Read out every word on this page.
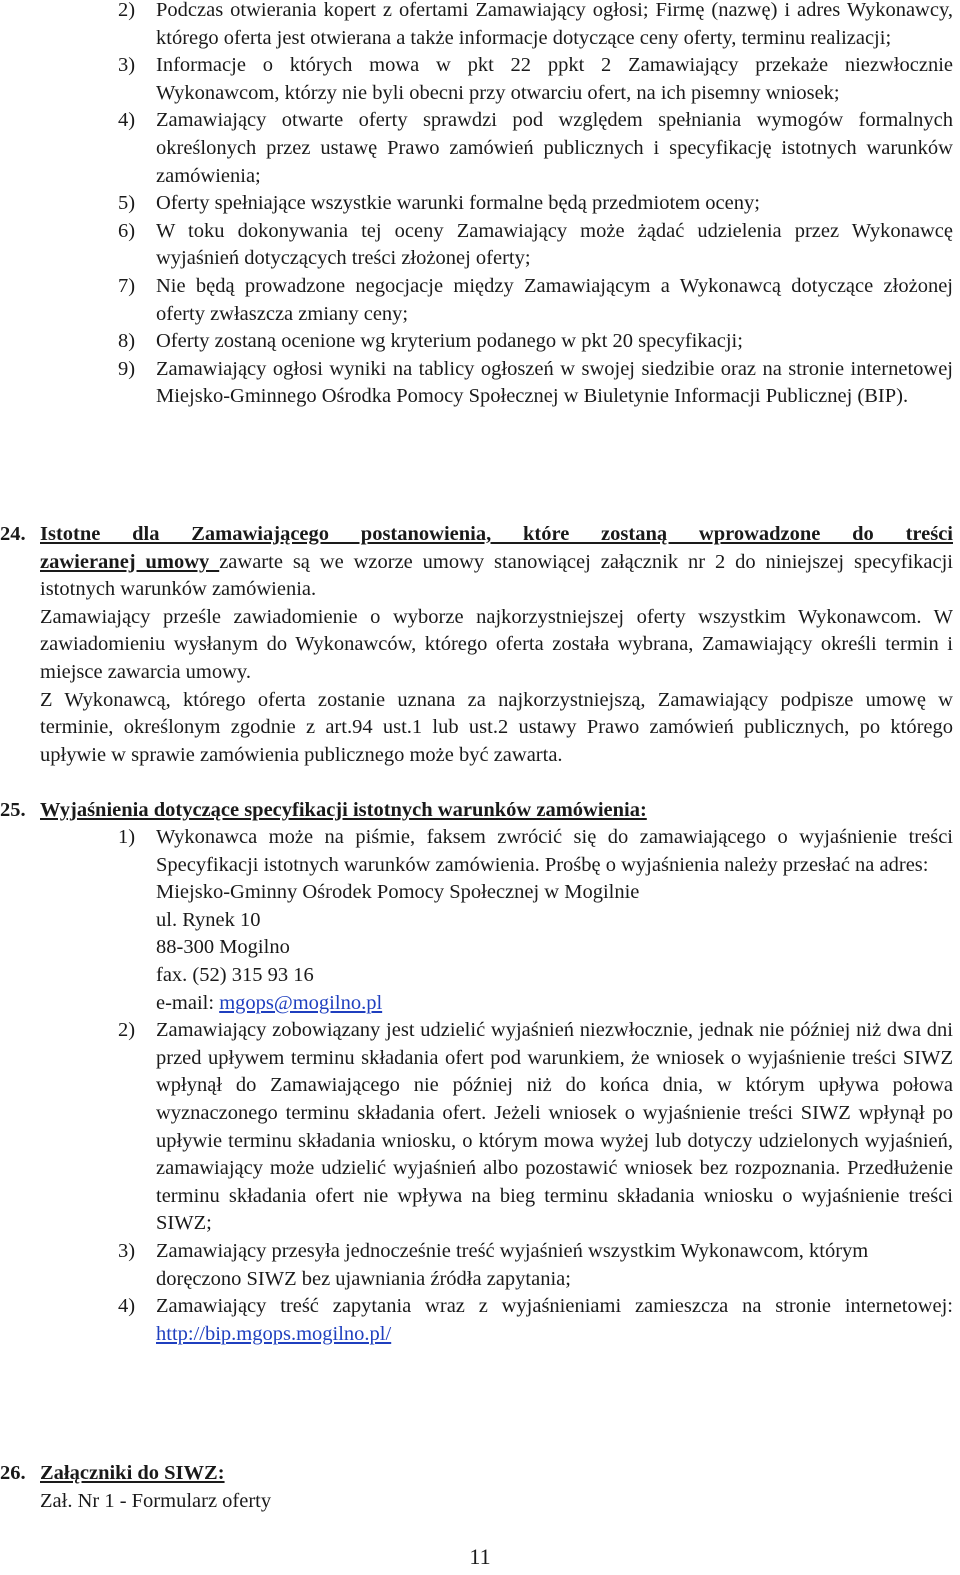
2)	Podczas otwierania kopert z ofertami Zamawiający ogłosi; Firmę (nazwę) i adres Wykonawcy, którego oferta jest otwierana a także informacje dotyczące ceny oferty, terminu realizacji;

3)	Informacje o których mowa w pkt 22 ppkt 2 Zamawiający przekaże niezwłocznie Wykonawcom, którzy nie byli obecni przy otwarciu ofert, na ich pisemny wniosek;

4)	Zamawiający otwarte oferty sprawdzi pod względem spełniania wymogów formalnych określonych przez ustawę Prawo zamówień publicznych i specyfikację istotnych warunków zamówienia;

5)	Oferty spełniające wszystkie warunki formalne będą przedmiotem oceny;

6)	W toku dokonywania tej oceny Zamawiający może żądać udzielenia przez Wykonawcę wyjaśnień dotyczących treści złożonej oferty;

7)	Nie będą prowadzone negocjacje między Zamawiającym a Wykonawcą dotyczące złożonej oferty zwłaszcza zmiany ceny;

8)	Oferty zostaną ocenione wg kryterium podanego w pkt 20 specyfikacji;

9)	Zamawiający ogłosi wyniki na tablicy ogłoszeń w swojej siedzibie oraz na stronie internetowej Miejsko-Gminnego Ośrodka Pomocy Społecznej w Biuletynie Informacji Publicznej (BIP).

24. Istotne dla Zamawiającego postanowienia, które zostaną wprowadzone do treści

zawieranej umowy zawarte są we wzorze umowy stanowiącej załącznik nr 2 do niniejszej specyfikacji istotnych warunków zamówienia.

Zamawiający prześle zawiadomienie o wyborze najkorzystniejszej oferty wszystkim Wykonawcom. W zawiadomieniu wysłanym do Wykonawców, którego oferta została wybrana, Zamawiający określi termin i miejsce zawarcia umowy.

Z Wykonawcą, którego oferta zostanie uznana za najkorzystniejszą, Zamawiający podpisze umowę w terminie, określonym zgodnie z art.94 ust.1 lub ust.2 ustawy Prawo zamówień publicznych, po którego upływie w sprawie zamówienia publicznego może być zawarta.

25. Wyjaśnienia dotyczące specyfikacji istotnych warunków zamówienia:
1)	Wykonawca może na piśmie, faksem zwrócić się do zamawiającego o wyjaśnienie treści Specyfikacji istotnych warunków zamówienia. Prośbę o wyjaśnienia należy przesłać na adres:

Miejsko-Gminny Ośrodek Pomocy Społecznej w Mogilnie

ul. Rynek 10

88-300 Mogilno

fax. (52) 315 93 16

e-mail: mgops@mogilno.pl

2)	Zamawiający zobowiązany jest udzielić wyjaśnień niezwłocznie, jednak nie później niż dwa dni przed upływem terminu składania ofert pod warunkiem, że wniosek o wyjaśnienie treści SIWZ wpłynął do Zamawiającego nie później niż do końca dnia, w którym upływa połowa wyznaczonego terminu składania ofert. Jeżeli wniosek o wyjaśnienie treści SIWZ wpłynął po upływie terminu składania wniosku, o którym mowa wyżej lub dotyczy udzielonych wyjaśnień, zamawiający może udzielić wyjaśnień albo pozostawić wniosek bez rozpoznania. Przedłużenie terminu składania ofert nie wpływa na bieg terminu składania wniosku o wyjaśnienie treści SIWZ;

3)	Zamawiający przesyła jednocześnie treść wyjaśnień wszystkim Wykonawcom, którym doręczono SIWZ bez ujawniania źródła zapytania;

4)	Zamawiający treść zapytania wraz z wyjaśnieniami zamieszcza na stronie internetowej: http://bip.mgops.mogilno.pl/

26. Załączniki do SIWZ:
Zał. Nr 1 - Formularz oferty
11
